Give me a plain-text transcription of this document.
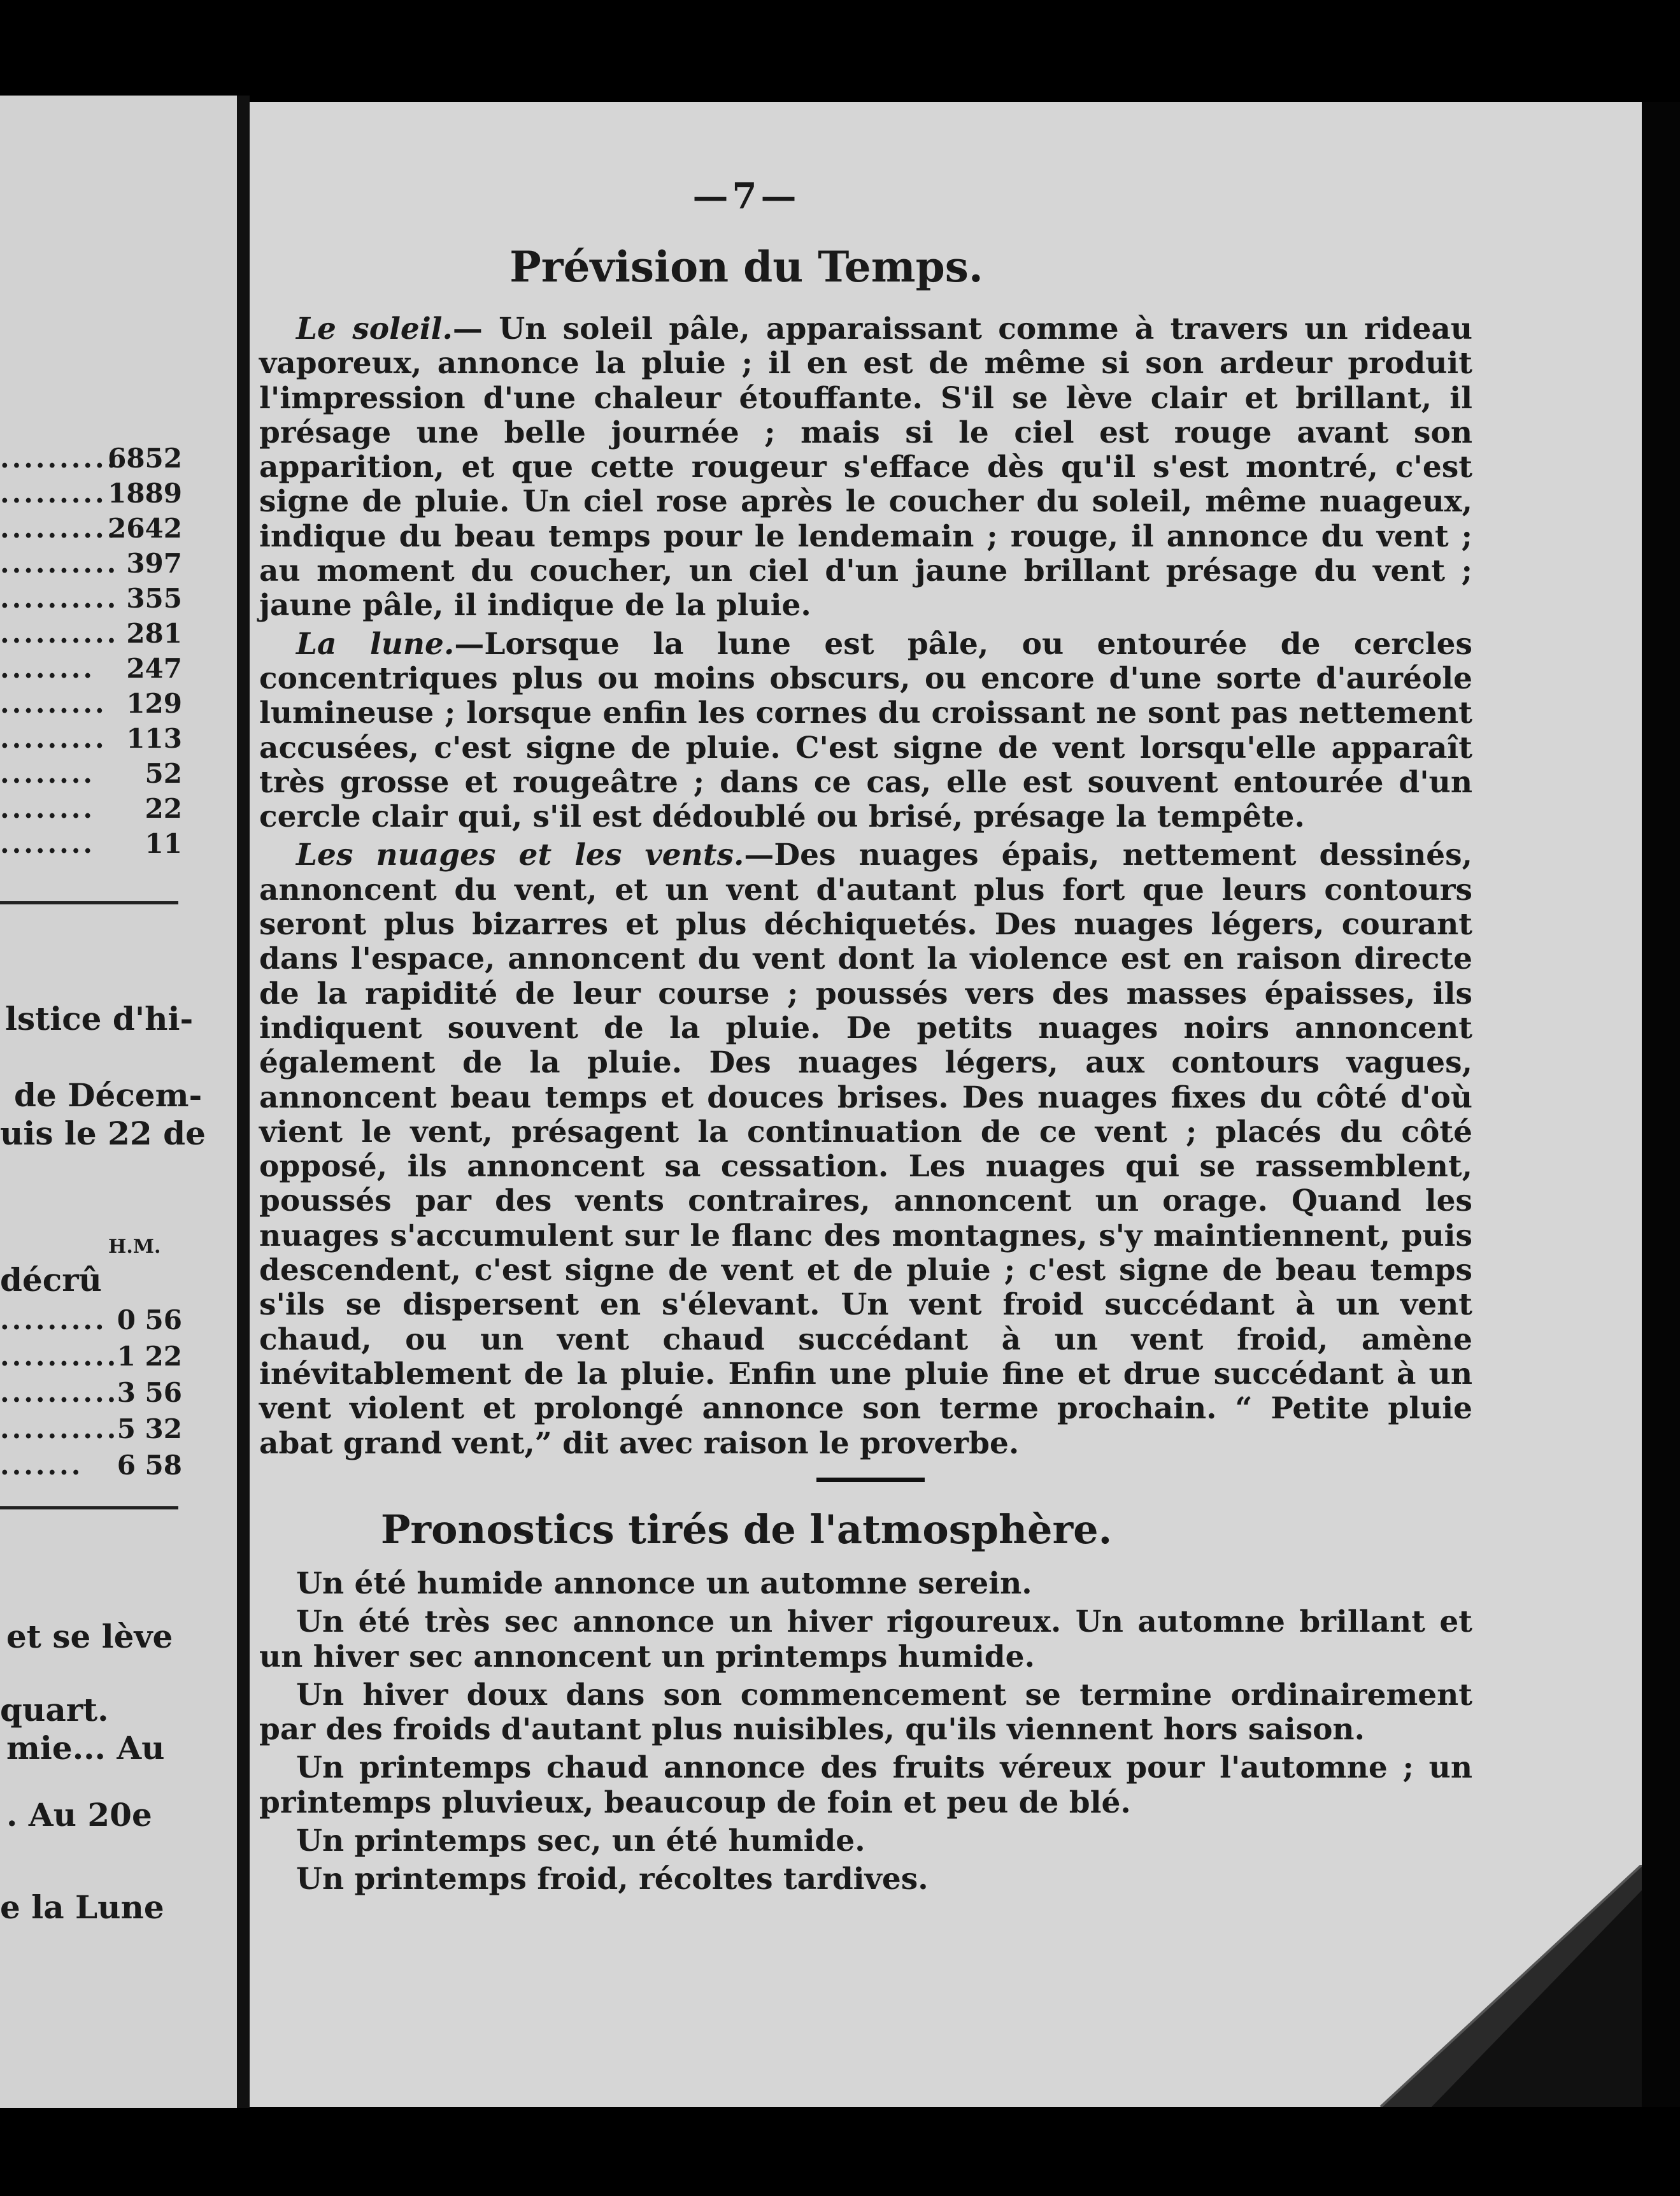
..........
6852
......... 1889
..........
2642
.......... 397
.......... 355
.......... 281
........ 247
......... 129
......... 113
........ 52
........ 22
........ 11
lstice d'hi-
de Décem-
uis le 22 de
H.M.
décrû
......... 0 56
..........
1 22
..........
3 56
..........
5 32
....... 6 58
et se lève
quart.
mie... Au
. Au 20e
e la Lune
—7—
Prévision du Temps.

Le soleil.— Un soleil pâle, apparaissant comme à travers un rideau vaporeux, annonce la pluie ; il en est de même si son ardeur produit l'impression d'une chaleur étouffante. S'il se lève clair et brillant, il présage une belle journée ; mais si le ciel est rouge avant son apparition, et que cette rougeur s'efface dès qu'il s'est montré, c'est signe de pluie. Un ciel rose après le coucher du soleil, même nuageux, indique du beau temps pour le lendemain ; rouge, il annonce du vent ; au moment du coucher, un ciel d'un jaune brillant présage du vent ; jaune pâle, il indique de la pluie.

La lune.—Lorsque la lune est pâle, ou entourée de cercles concentriques plus ou moins obscurs, ou encore d'une sorte d'auréole lumineuse ; lorsque enfin les cornes du croissant ne sont pas nettement accusées, c'est signe de pluie. C'est signe de vent lorsqu'elle apparaît très grosse et rougeâtre ; dans ce cas, elle est souvent entourée d'un cercle clair qui, s'il est dédoublé ou brisé, présage la tempête.

Les nuages et les vents.—Des nuages épais, nettement dessinés, annoncent du vent, et un vent d'autant plus fort que leurs contours seront plus bizarres et plus déchiquetés. Des nuages légers, courant dans l'espace, annoncent du vent dont la violence est en raison directe de la rapidité de leur course ; poussés vers des masses épaisses, ils indiquent souvent de la pluie. De petits nuages noirs annoncent également de la pluie. Des nuages légers, aux contours vagues, annoncent beau temps et douces brises. Des nuages fixes du côté d'où vient le vent, présagent la continuation de ce vent ; placés du côté opposé, ils annoncent sa cessation. Les nuages qui se rassemblent, poussés par des vents contraires, annoncent un orage. Quand les nuages s'accumulent sur le flanc des montagnes, s'y maintiennent, puis descendent, c'est signe de vent et de pluie ; c'est signe de beau temps s'ils se dispersent en s'élevant. Un vent froid succédant à un vent chaud, ou un vent chaud succédant à un vent froid, amène inévitablement de la pluie. Enfin une pluie fine et drue succédant à un vent violent et prolongé annonce son terme prochain. “ Petite pluie abat grand vent,” dit avec raison le proverbe.

Pronostics tirés de l'atmosphère.

Un été humide annonce un automne serein.

Un été très sec annonce un hiver rigoureux. Un automne brillant et un hiver sec annoncent un printemps humide.

Un hiver doux dans son commencement se termine ordinairement par des froids d'autant plus nuisibles, qu'ils viennent hors saison.

Un printemps chaud annonce des fruits véreux pour l'automne ; un printemps pluvieux, beaucoup de foin et peu de blé.

Un printemps sec, un été humide.

Un printemps froid, récoltes tardives.
